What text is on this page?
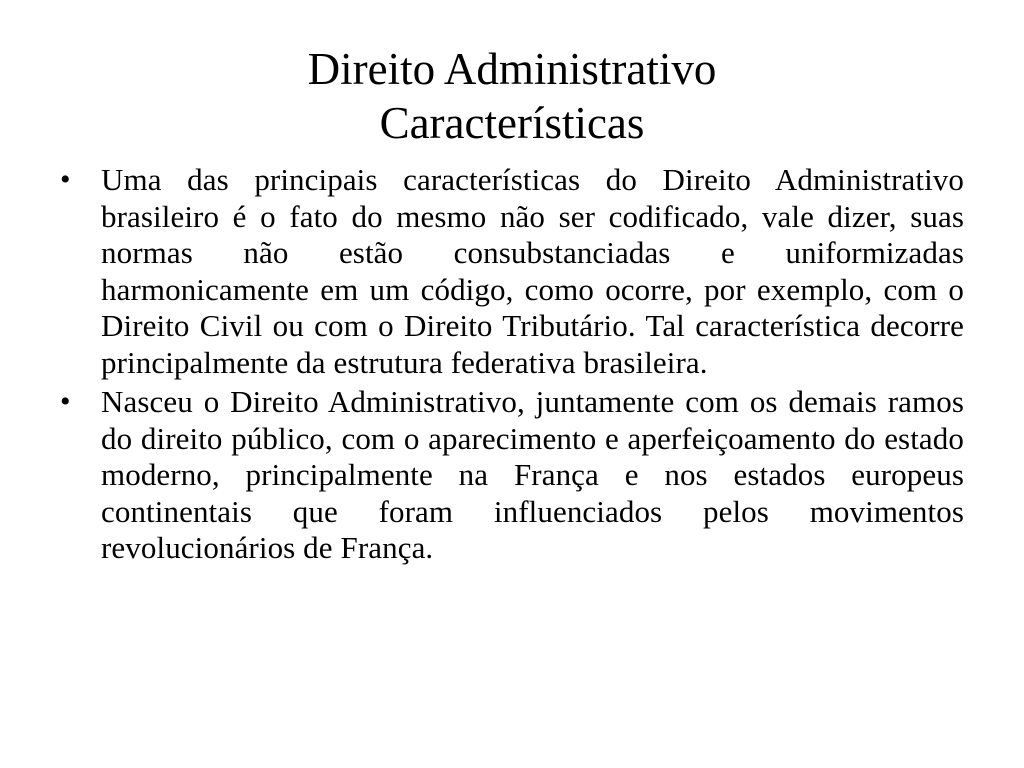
Direito Administrativo
Características
• Uma das principais características do Direito Administrativo brasileiro é o fato do mesmo não ser codificado, vale dizer, suas normas não estão consubstanciadas e uniformizadas harmonicamente em um código, como ocorre, por exemplo, com o Direito Civil ou com o Direito Tributário. Tal característica decorre principalmente da estrutura federativa brasileira.
• Nasceu o Direito Administrativo, juntamente com os demais ramos do direito público, com o aparecimento e aperfeiçoamento do estado moderno, principalmente na França e nos estados europeus continentais que foram influenciados pelos movimentos revolucionários de França.
